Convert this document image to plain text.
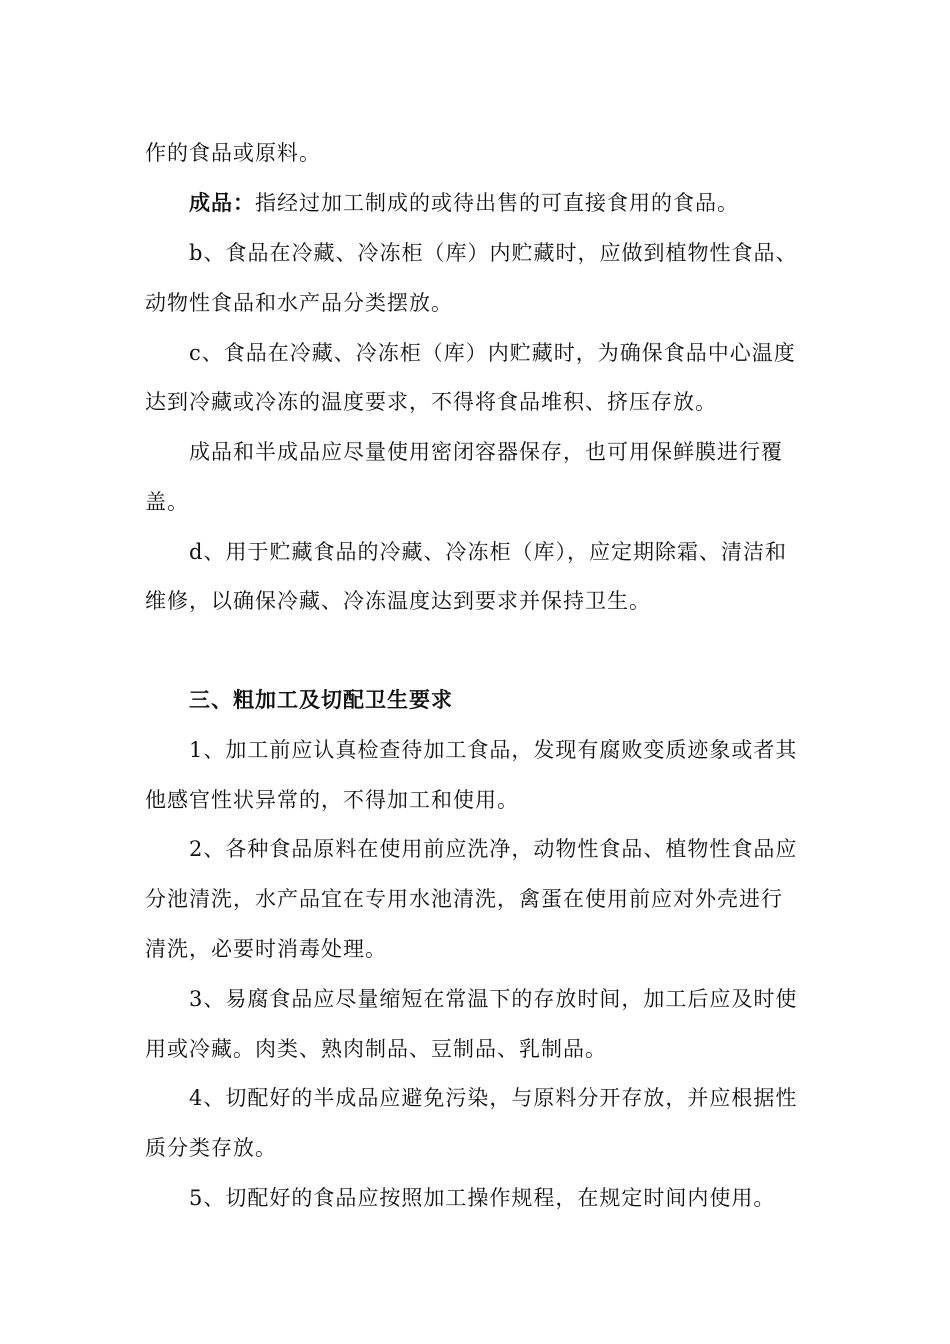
作的食品或原料。
成品：指经过加工制成的或待出售的可直接食用的食品。
b、食品在冷藏、冷冻柜（库）内贮藏时，应做到植物性食品、
动物性食品和水产品分类摆放。
c、食品在冷藏、冷冻柜（库）内贮藏时，为确保食品中心温度
达到冷藏或冷冻的温度要求，不得将食品堆积、挤压存放。
成品和半成品应尽量使用密闭容器保存，也可用保鲜膜进行覆
盖。
d、用于贮藏食品的冷藏、冷冻柜（库），应定期除霜、清洁和
维修，以确保冷藏、冷冻温度达到要求并保持卫生。
三、粗加工及切配卫生要求
1、加工前应认真检查待加工食品，发现有腐败变质迹象或者其
他感官性状异常的，不得加工和使用。
2、各种食品原料在使用前应洗净，动物性食品、植物性食品应
分池清洗，水产品宜在专用水池清洗，禽蛋在使用前应对外壳进行
清洗，必要时消毒处理。
3、易腐食品应尽量缩短在常温下的存放时间，加工后应及时使
用或冷藏。肉类、熟肉制品、豆制品、乳制品。
4、切配好的半成品应避免污染，与原料分开存放，并应根据性
质分类存放。
5、切配好的食品应按照加工操作规程，在规定时间内使用。
